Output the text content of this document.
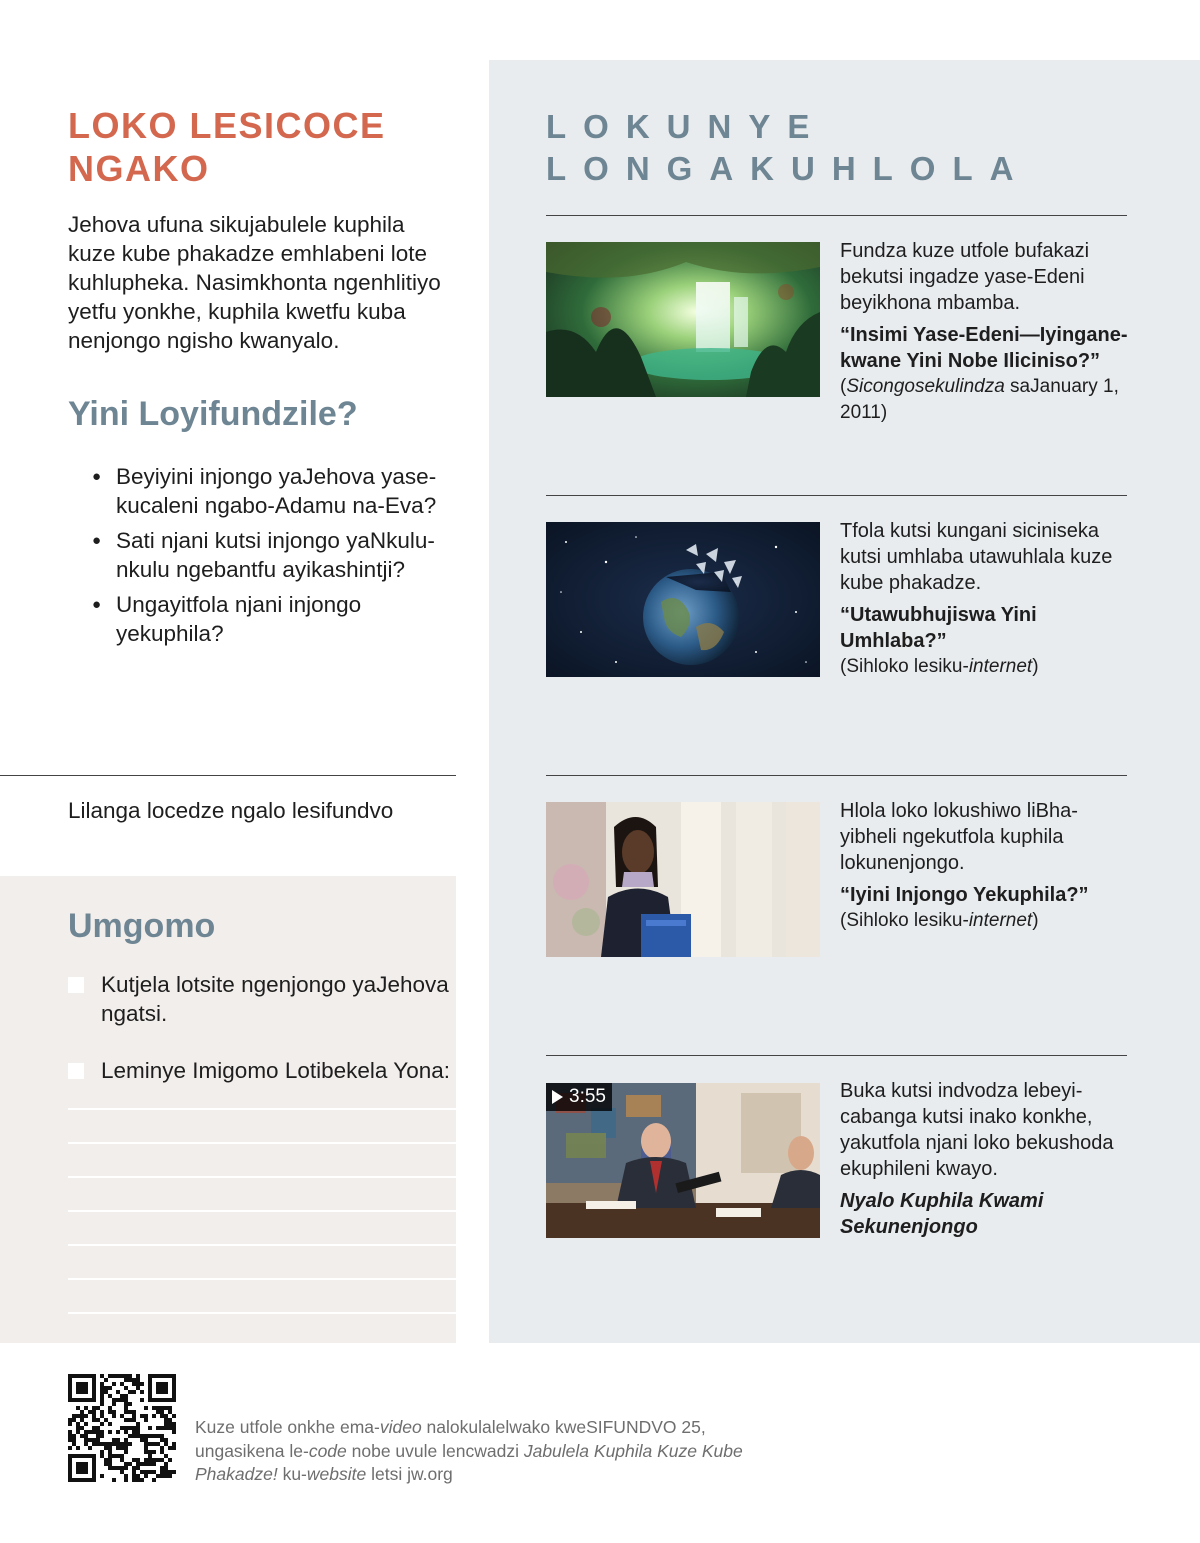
LOKO LESICOCE NGAKO

Jehova ufuna sikujabulele kuphila kuze kube phakadze emhlabeni lote kuhlupheka. Nasimkhonta ngenhlitiyo yetfu yonkhe, kuphila kwetfu kuba nenjongo ngisho kwanyalo.

Yini Loyifundzile?
● Beyiyini injongo yaJehova yase-kucaleni ngabo-Adamu na-Eva?
● Sati njani kutsi injongo yaNkulu-nkulu ngebantfu ayikashintji?
● Ungayitfola njani injongo yekuphila?
Lilanga locedze ngalo lesifundvo
Umgomo
Kutjela lotsite ngenjongo yaJehova ngatsi.
Leminye Imigomo Lotibekela Yona:
LOKUNYE LONGAKUHLOLA
Fundza kuze utfole bufakazi bekutsi ingadze yase-Edeni beyikhona mbamba.
“Insimi Yase-Edeni—Iyingane-kwane Yini Nobe Iliciniso?”
(Sicongosekulindza saJanuary 1, 2011)
Tfola kutsi kungani siciniseka kutsi umhlaba utawuhlala kuze kube phakadze.
“Utawubhujiswa Yini Umhlaba?”
(Sihloko lesiku-internet)
Hlola loko lokushiwo liBha-yibheli ngekutfola kuphila lokunenjongo.
“Iyini Injongo Yekuphila?”
(Sihloko lesiku-internet)
3:55	Buka kutsi indvodza lebeyi-cabanga kutsi inako konkhe, yakutfola njani loko bekushoda ekuphileni kwayo.
Nyalo Kuphila Kwami Sekunenjongo

Kuze utfole onkhe ema-video nalokulalelwako kweSIFUNDVO 25, ungasikena le-code nobe uvule lencwadzi Jabulela Kuphila Kuze Kube Phakadze! ku-website letsi jw.org
